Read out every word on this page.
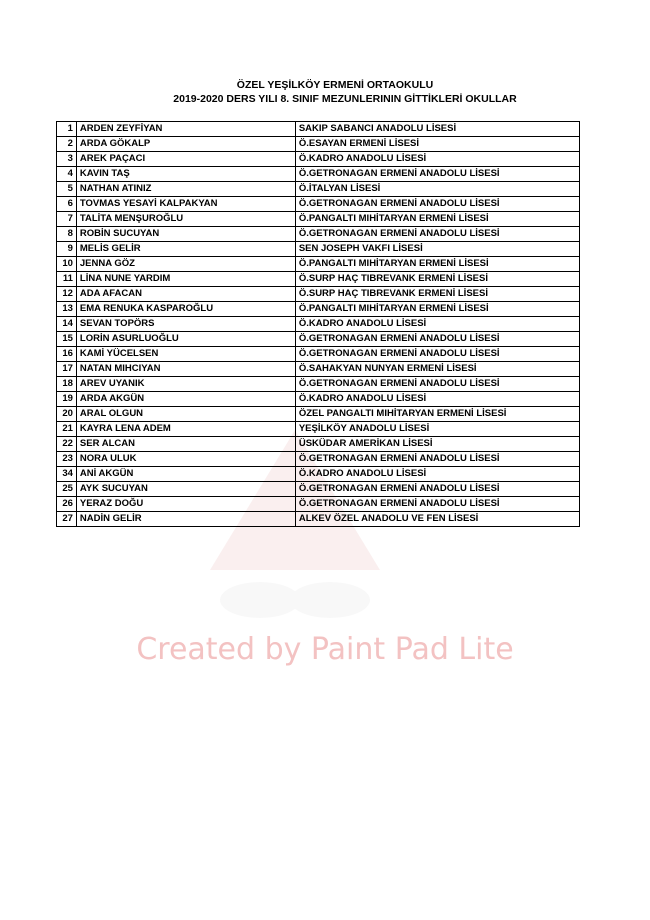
ÖZEL YEŞİLKÖY ERMENİ ORTAOKULU
2019-2020 DERS YILI 8. SINIF MEZUNLERININ GİTTİKLERİ OKULLAR
1	ARDEN ZEYFİYAN	SAKIP SABANCI ANADOLU LİSESİ
2	ARDA GÖKALP	Ö.ESAYAN ERMENİ LİSESİ
3	AREK PAÇACI	Ö.KADRO ANADOLU LİSESİ
4	KAVIN TAŞ	Ö.GETRONAGAN ERMENİ ANADOLU LİSESİ
5	NATHAN ATINIZ	Ö.İTALYAN LİSESİ
6	TOVMAS YESAYİ KALPAKYAN	Ö.GETRONAGAN ERMENİ ANADOLU LİSESİ
7	TALİTA MENŞUROĞLU	Ö.PANGALTI MIHİTARYAN ERMENİ LİSESİ
8	ROBİN SUCUYAN	Ö.GETRONAGAN ERMENİ ANADOLU LİSESİ
9	MELİS GELİR	SEN JOSEPH VAKFI LİSESİ
10	JENNA GÖZ	Ö.PANGALTI MIHİTARYAN ERMENİ LİSESİ
11	LİNA NUNE YARDIM	Ö.SURP HAÇ TIBREVANK ERMENİ LİSESİ
12	ADA AFACAN	Ö.SURP HAÇ TIBREVANK ERMENİ LİSESİ
13	EMA RENUKA KASPAROĞLU	Ö.PANGALTI MIHİTARYAN ERMENİ LİSESİ
14	SEVAN TOPÖRS	Ö.KADRO ANADOLU LİSESİ
15	LORİN ASURLUOĞLU	Ö.GETRONAGAN ERMENİ ANADOLU LİSESİ
16	KAMİ YÜCELSEN	Ö.GETRONAGAN ERMENİ ANADOLU LİSESİ
17	NATAN MIHCIYAN	Ö.SAHAKYAN NUNYAN ERMENİ LİSESİ
18	AREV UYANIK	Ö.GETRONAGAN ERMENİ ANADOLU LİSESİ
19	ARDA AKGÜN	Ö.KADRO ANADOLU LİSESİ
20	ARAL OLGUN	ÖZEL PANGALTI MIHİTARYAN ERMENİ LİSESİ
21	KAYRA LENA ADEM	YEŞİLKÖY ANADOLU LİSESİ
22	SER ALCAN	ÜSKÜDAR AMERİKAN LİSESİ
23	NORA ULUK	Ö.GETRONAGAN ERMENİ ANADOLU LİSESİ
34	ANİ AKGÜN	Ö.KADRO ANADOLU LİSESİ
25	AYK SUCUYAN	Ö.GETRONAGAN ERMENİ ANADOLU LİSESİ
26	YERAZ DOĞU	Ö.GETRONAGAN ERMENİ ANADOLU LİSESİ
27	NADİN GELİR	ALKEV ÖZEL ANADOLU VE FEN LİSESİ
Created by Paint Pad Lite
